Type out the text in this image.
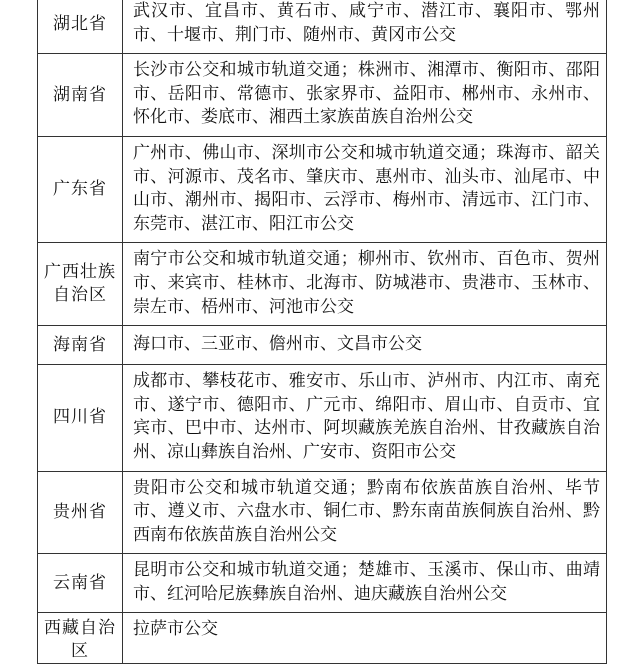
湖北省	武汉市、宜昌市、黄石市、咸宁市、潜江市、襄阳市、鄂州市、十堰市、荆门市、随州市、黄冈市公交

湖南省	长沙市公交和城市轨道交通；株洲市、湘潭市、衡阳市、邵阳市、岳阳市、常德市、张家界市、益阳市、郴州市、永州市、怀化市、娄底市、湘西土家族苗族自治州公交

广东省	广州市、佛山市、深圳市公交和城市轨道交通；珠海市、韶关市、河源市、茂名市、肇庆市、惠州市、汕头市、汕尾市、中山市、潮州市、揭阳市、云浮市、梅州市、清远市、江门市、东莞市、湛江市、阳江市公交

广西壮族自治区	南宁市公交和城市轨道交通；柳州市、钦州市、百色市、贺州市、来宾市、桂林市、北海市、防城港市、贵港市、玉林市、崇左市、梧州市、河池市公交

海南省	海口市、三亚市、儋州市、文昌市公交

四川省	成都市、攀枝花市、雅安市、乐山市、泸州市、内江市、南充市、遂宁市、德阳市、广元市、绵阳市、眉山市、自贡市、宜宾市、巴中市、达州市、阿坝藏族羌族自治州、甘孜藏族自治州、凉山彝族自治州、广安市、资阳市公交

贵州省	贵阳市公交和城市轨道交通；黔南布依族苗族自治州、毕节市、遵义市、六盘水市、铜仁市、黔东南苗族侗族自治州、黔西南布依族苗族自治州公交

云南省	昆明市公交和城市轨道交通；楚雄市、玉溪市、保山市、曲靖市、红河哈尼族彝族自治州、迪庆藏族自治州公交

西藏自治区	拉萨市公交
